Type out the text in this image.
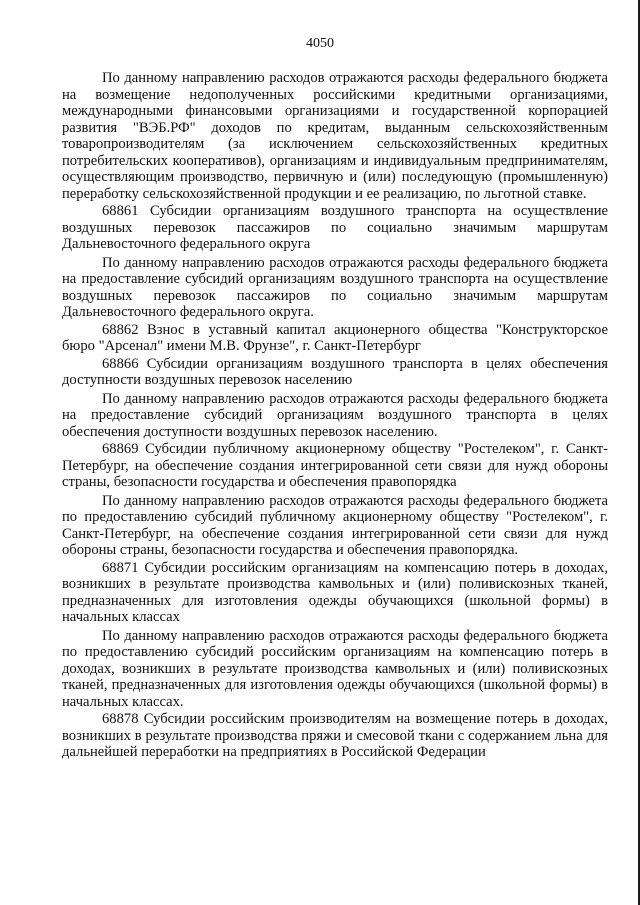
4050

По данному направлению расходов отражаются расходы федерального бюджета на возмещение недополученных российскими кредитными организациями, международными финансовыми организациями и государственной корпорацией развития "ВЭБ.РФ" доходов по кредитам, выданным сельскохозяйственным товаропроизводителям (за исключением сельскохозяйственных кредитных потребительских кооперативов), организациям и индивидуальным предпринимателям, осуществляющим производство, первичную и (или) последующую (промышленную) переработку сельскохозяйственной продукции и ее реализацию, по льготной ставке.

68861 Субсидии организациям воздушного транспорта на осуществление воздушных перевозок пассажиров по социально значимым маршрутам Дальневосточного федерального округа

По данному направлению расходов отражаются расходы федерального бюджета на предоставление субсидий организациям воздушного транспорта на осуществление воздушных перевозок пассажиров по социально значимым маршрутам Дальневосточного федерального округа.

68862 Взнос в уставный капитал акционерного общества "Конструкторское бюро "Арсенал" имени М.В. Фрунзе", г. Санкт-Петербург

68866 Субсидии организациям воздушного транспорта в целях обеспечения доступности воздушных перевозок населению

По данному направлению расходов отражаются расходы федерального бюджета на предоставление субсидий организациям воздушного транспорта в целях обеспечения доступности воздушных перевозок населению.

68869 Субсидии публичному акционерному обществу "Ростелеком", г. Санкт-Петербург, на обеспечение создания интегрированной сети связи для нужд обороны страны, безопасности государства и обеспечения правопорядка

По данному направлению расходов отражаются расходы федерального бюджета по предоставлению субсидий публичному акционерному обществу "Ростелеком", г. Санкт-Петербург, на обеспечение создания интегрированной сети связи для нужд обороны страны, безопасности государства и обеспечения правопорядка.

68871 Субсидии российским организациям на компенсацию потерь в доходах, возникших в результате производства камвольных и (или) поливискозных тканей, предназначенных для изготовления одежды обучающихся (школьной формы) в начальных классах

По данному направлению расходов отражаются расходы федерального бюджета по предоставлению субсидий российским организациям на компенсацию потерь в доходах, возникших в результате производства камвольных и (или) поливискозных тканей, предназначенных для изготовления одежды обучающихся (школьной формы) в начальных классах.

68878 Субсидии российским производителям на возмещение потерь в доходах, возникших в результате производства пряжи и смесовой ткани с содержанием льна для дальнейшей переработки на предприятиях в Российской Федерации
